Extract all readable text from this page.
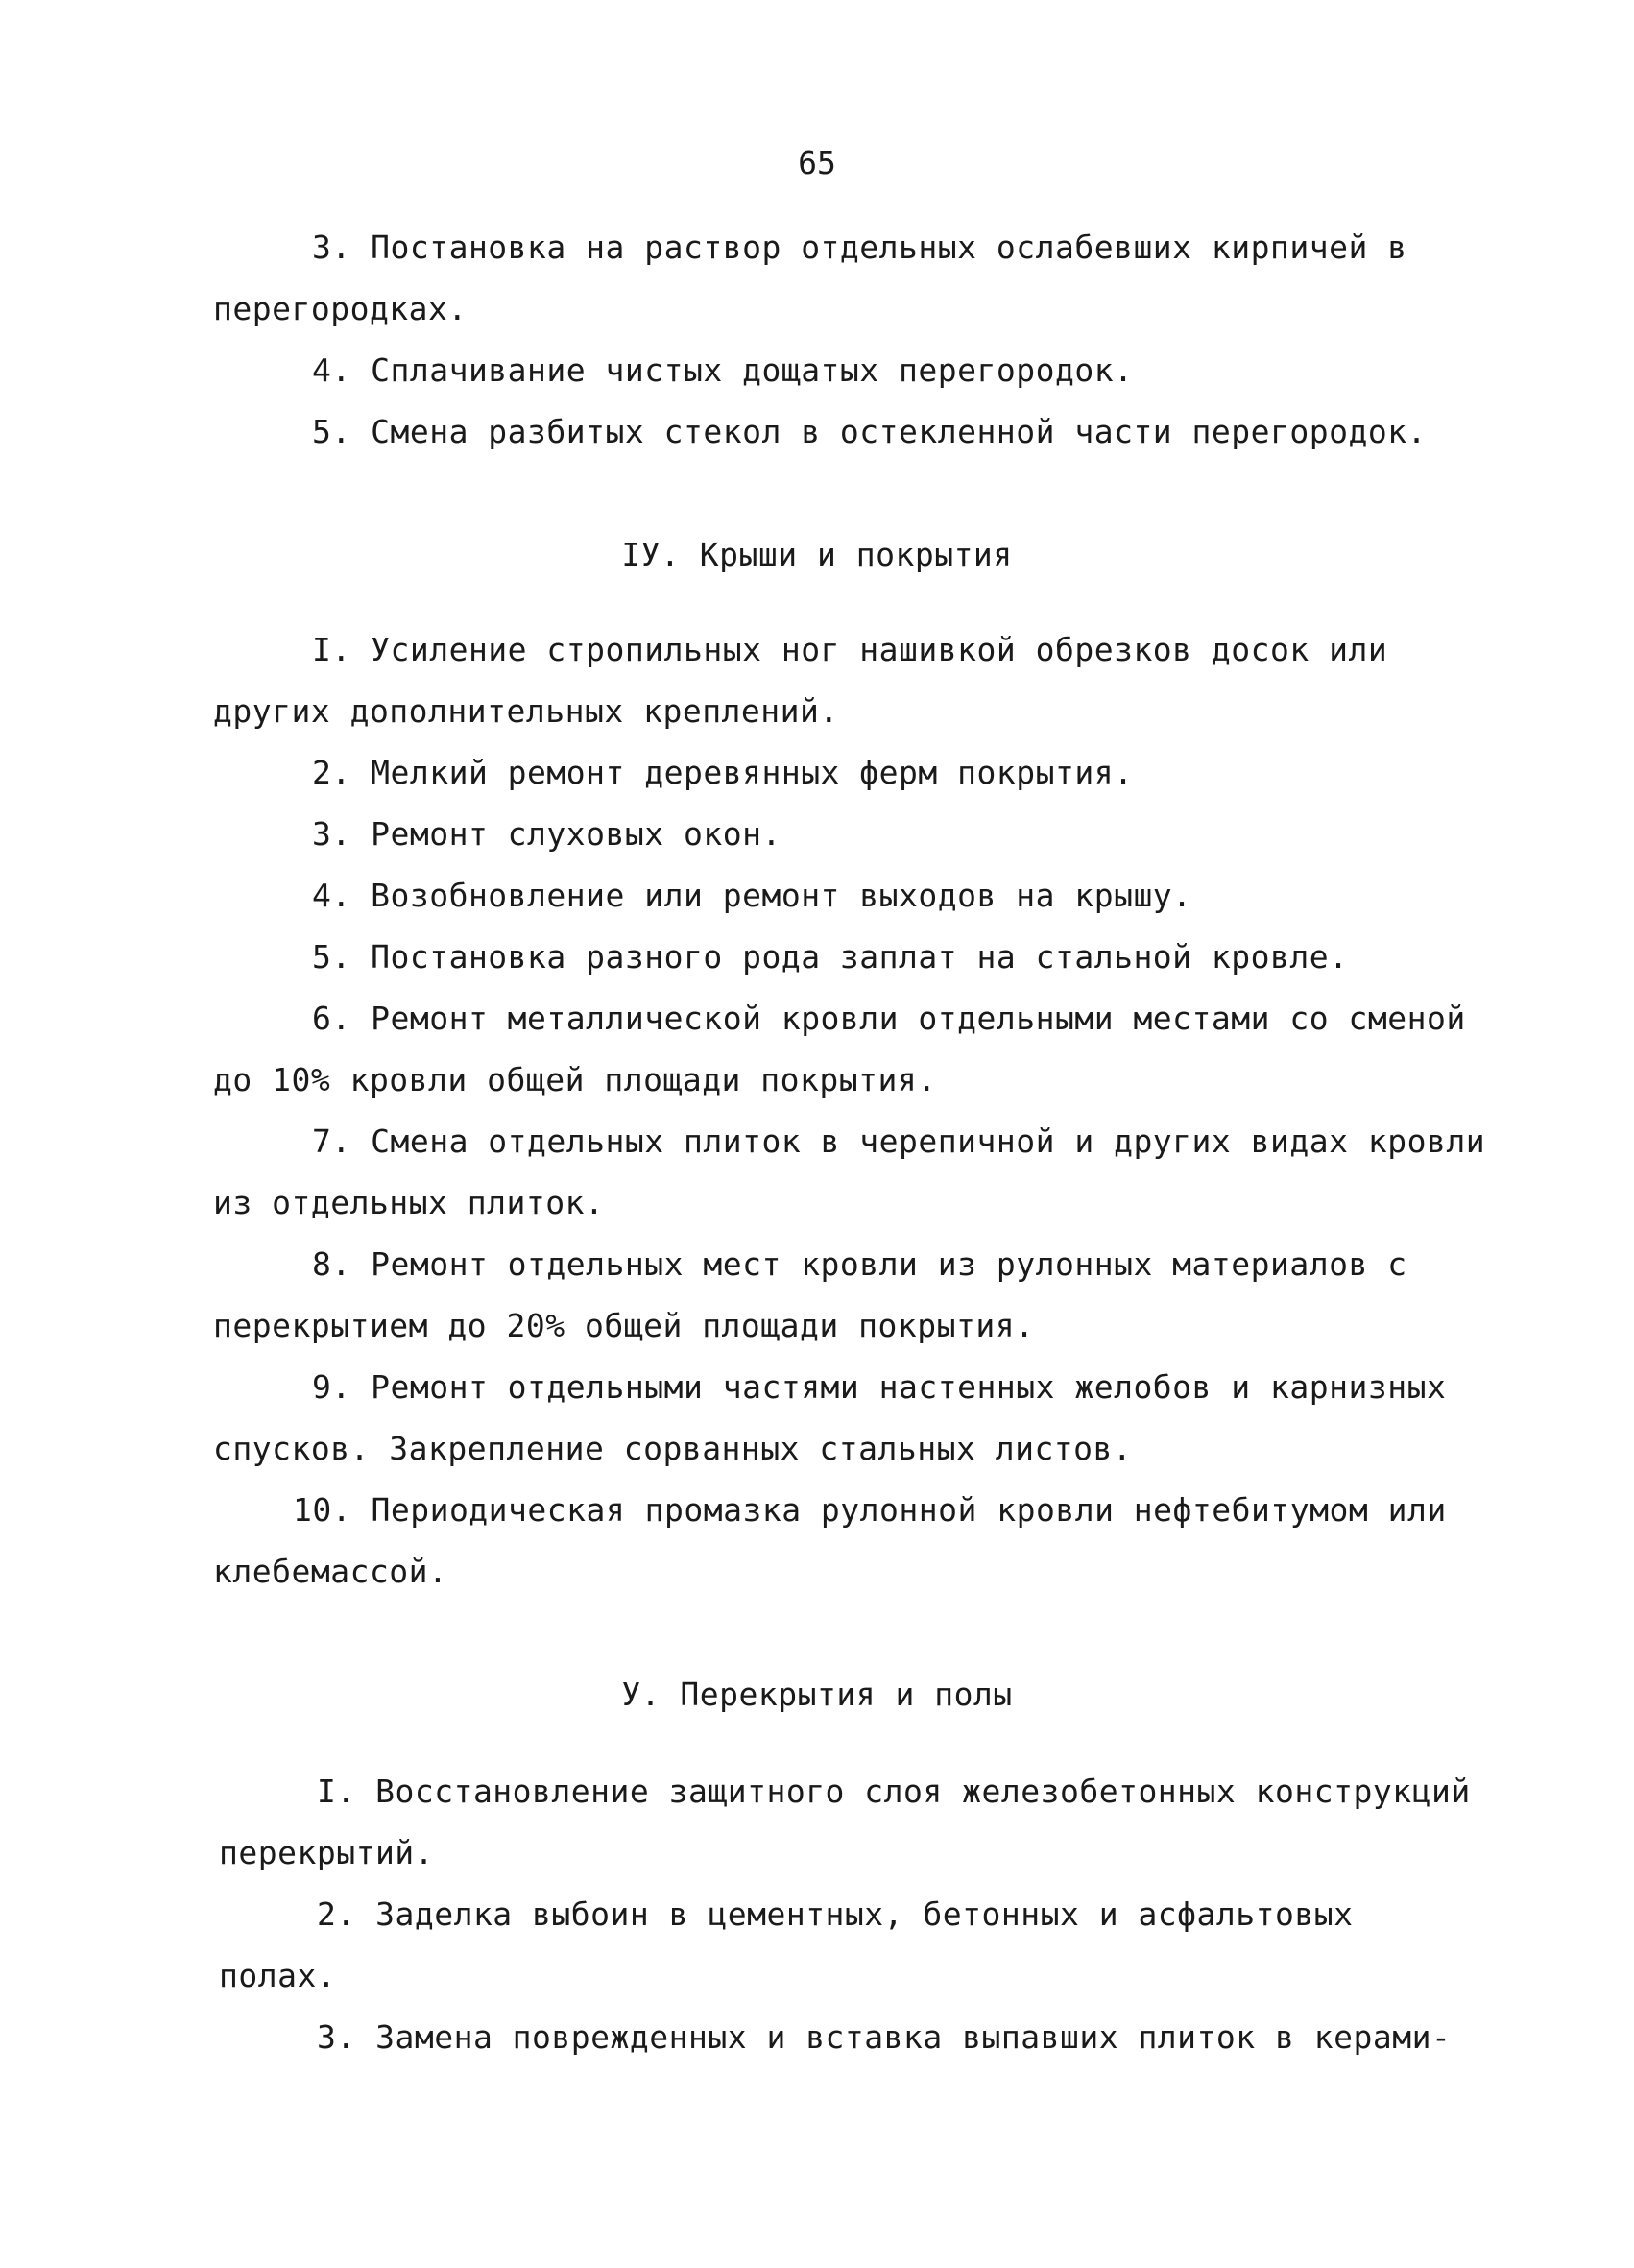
65
3. Постановка на раствор отдельных ослабевших кирпичей в
перегородках.
4. Сплачивание чистых дощатых перегородок.
5. Смена разбитых стекол в остекленной части перегородок.
IУ. Крыши и покрытия
I. Усиление стропильных ног нашивкой обрезков досок или
других дополнительных креплений.
2. Мелкий ремонт деревянных ферм покрытия.
3. Ремонт слуховых окон.
4. Возобновление или ремонт выходов на крышу.
5. Постановка разного рода заплат на стальной кровле.
6. Ремонт металлической кровли отдельными местами со сменой
до 10% кровли общей площади покрытия.
7. Смена отдельных плиток в черепичной и других видах кровли
из отдельных плиток.
8. Ремонт отдельных мест кровли из рулонных материалов с
перекрытием до 20% общей площади покрытия.
9. Ремонт отдельными частями настенных желобов и карнизных
спусков. Закрепление сорванных стальных листов.
10. Периодическая промазка рулонной кровли нефтебитумом или
клебемассой.
У. Перекрытия и полы
I. Восстановление защитного слоя железобетонных конструкций
перекрытий.
2. Заделка выбоин в цементных, бетонных и асфальтовых
полах.
3. Замена поврежденных и вставка выпавших плиток в керами-
